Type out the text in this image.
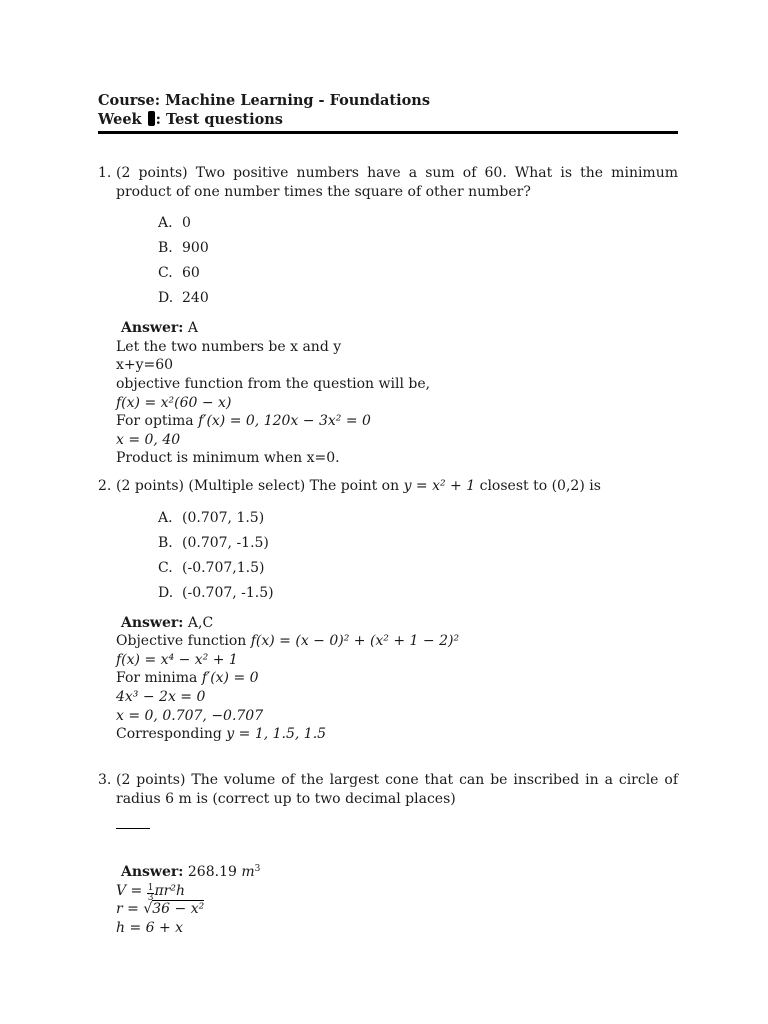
Course: Machine Learning - Foundations
Week : Test questions
1. (2 points) Two positive numbers have a sum of 60. What is the minimum product of one number times the square of other number?
A. 0
B. 900
C. 60
D. 240
Answer: A
Let the two numbers be x and y
x+y=60
objective function from the question will be,
f(x) = x²(60 − x)
For optima f′(x) = 0, 120x − 3x² = 0
x = 0, 40
Product is minimum when x=0.
2. (2 points) (Multiple select) The point on y = x² + 1 closest to (0,2) is
A. (0.707, 1.5)
B. (0.707, -1.5)
C. (-0.707,1.5)
D. (-0.707, -1.5)
Answer: A,C
Objective function f(x) = (x − 0)² + (x² + 1 − 2)²
f(x) = x⁴ − x² + 1
For minima f′(x) = 0
4x³ − 2x = 0
x = 0, 0.707, −0.707
Corresponding y = 1, 1.5, 1.5
3. (2 points) The volume of the largest cone that can be inscribed in a circle of radius 6 m is (correct up to two decimal places)
Answer: 268.19 $m^3$
$V = \frac{1}{3} \pi r^2h$
r = √36 − x²
h = 6 + x
